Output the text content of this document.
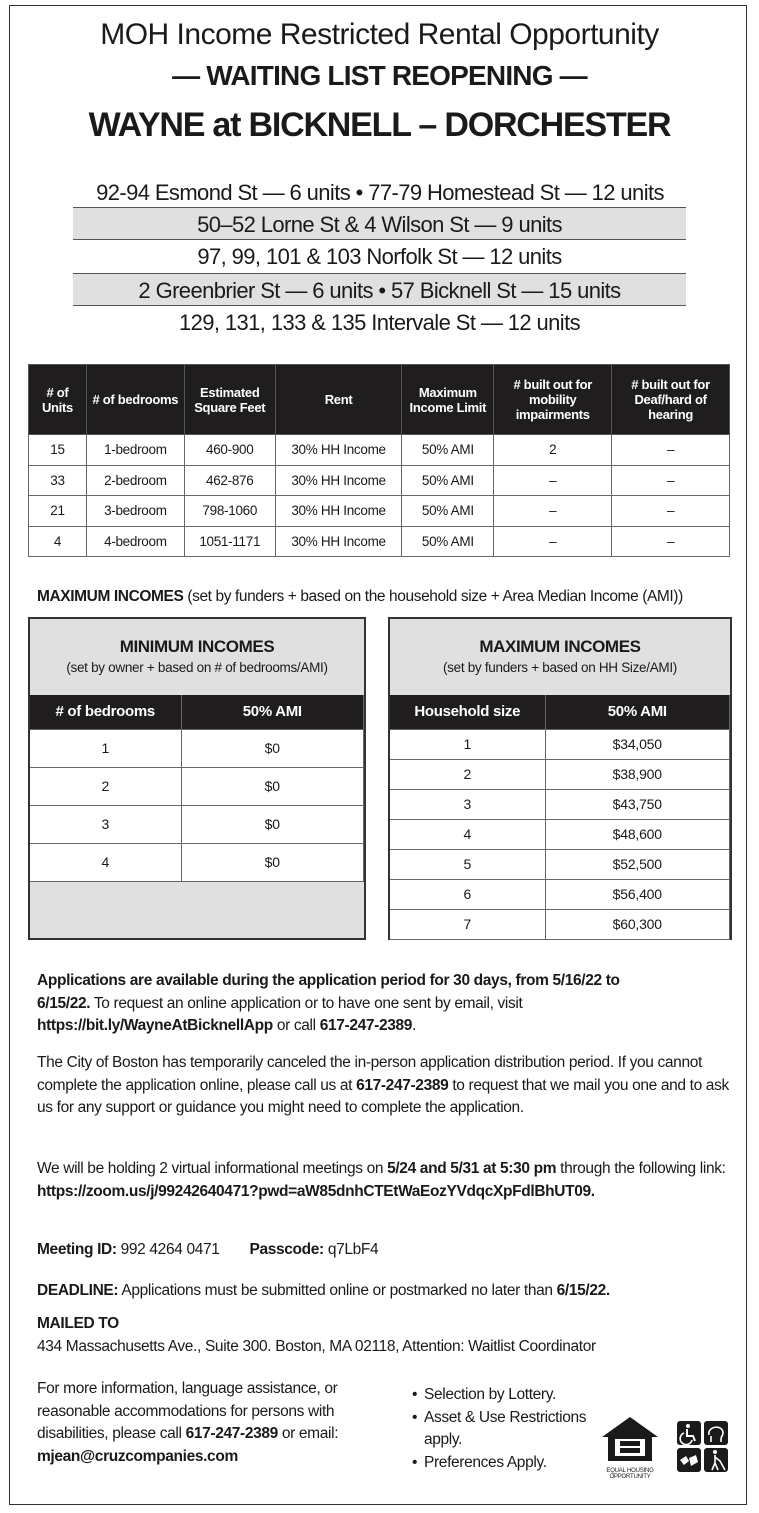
MOH Income Restricted Rental Opportunity
— WAITING LIST REOPENING —
WAYNE at BICKNELL – DORCHESTER
92-94 Esmond St — 6 units • 77-79 Homestead St — 12 units
50–52 Lorne St & 4 Wilson St — 9 units
97, 99, 101 & 103 Norfolk St — 12 units
2 Greenbrier St — 6 units • 57 Bicknell St — 15 units
129, 131, 133 & 135 Intervale St — 12 units
# of Units	# of bedrooms	Estimated Square Feet	Rent	Maximum Income Limit	# built out for mobility impairments	# built out for Deaf/hard of hearing
15	1-bedroom	460-900	30% HH Income	50% AMI	2	–
33	2-bedroom	462-876	30% HH Income	50% AMI	–	–
21	3-bedroom	798-1060	30% HH Income	50% AMI	–	–
4	4-bedroom	1051-1171	30% HH Income	50% AMI	–	–
MAXIMUM INCOMES (set by funders + based on the household size + Area Median Income (AMI))
MINIMUM INCOMES
(set by owner + based on # of bedrooms/AMI)
# of bedrooms	50% AMI
1	$0
2	$0
3	$0
4	$0
MAXIMUM INCOMES
(set by funders + based on HH Size/AMI)
Household size	50% AMI
1	$34,050
2	$38,900
3	$43,750
4	$48,600
5	$52,500
6	$56,400
7	$60,300
Applications are available during the application period for 30 days, from 5/16/22 to 6/15/22. To request an online application or to have one sent by email, visit https://bit.ly/WayneAtBicknellApp or call 617-247-2389.
The City of Boston has temporarily canceled the in-person application distribution period. If you cannot complete the application online, please call us at 617-247-2389 to request that we mail you one and to ask us for any support or guidance you might need to complete the application.
We will be holding 2 virtual informational meetings on 5/24 and 5/31 at 5:30 pm through the following link:
https://zoom.us/j/99242640471?pwd=aW85dnhCTEtWaEozYVdqcXpFdlBhUT09.
Meeting ID: 992 4264 0471 Passcode: q7LbF4
DEADLINE: Applications must be submitted online or postmarked no later than 6/15/22.
MAILED TO
434 Massachusetts Ave., Suite 300. Boston, MA 02118, Attention: Waitlist Coordinator
For more information, language assistance, or reasonable accommodations for persons with disabilities, please call 617-247-2389 or email: mjean@cruzcompanies.com
• Selection by Lottery.
• Asset & Use Restrictions apply.
• Preferences Apply.
EQUAL HOUSING OPPORTUNITY
